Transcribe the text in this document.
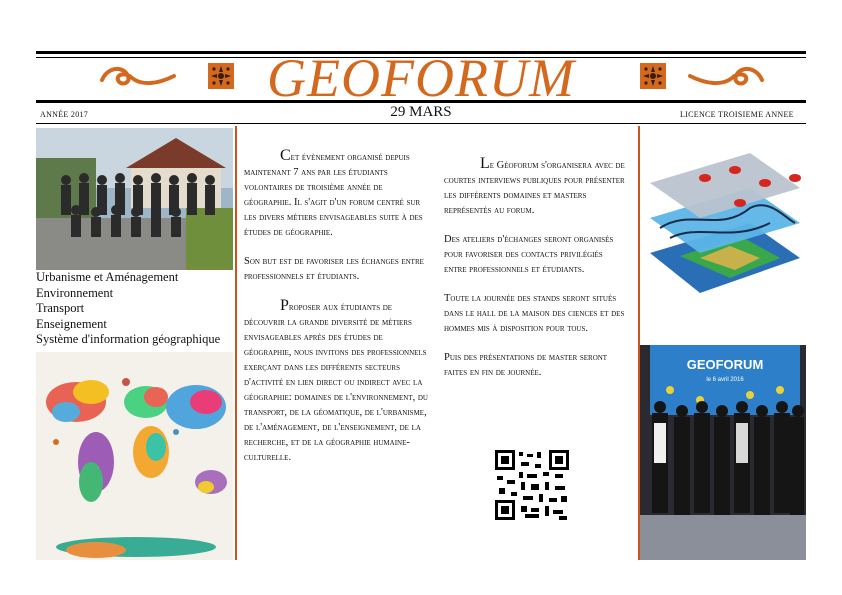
GEOFORUM
29 MARS
ANNÉE 2017	LICENCE TROISIEME ANNEE
Urbanisme et Aménagement
Environnement
Transport
Enseignement
Système d'information géographique

Cet évènement organisé depuis maintenant 7 ans par les étudiants volontaires de troisième année de géographie. Il s'agit d'un forum centré sur les divers métiers envisageables suite à des études de géographie.

Son but est de favoriser les échanges entre professionnels et étudiants.

Proposer aux étudiants de découvrir la grande diversité de métiers envisageables après des études de géographie, nous invitons des professionnels exerçant dans les différents secteurs d'activité en lien direct ou indirect avec la géographie: domaines de l'environnement, du transport, de la géomatique, de l'urbanisme, de l'aménagement, de l'enseignement, de la recherche, et de la géographie humaine-culturelle.

Le Géoforum s'organisera avec de courtes interviews publiques pour présenter les différents domaines et masters représentés au forum.

Des ateliers d'échanges seront organisés pour favoriser des contacts privilégiés entre professionnels et étudiants.

Toute la journée des stands seront situés dans le hall de la maison des ciences et des hommes mis à disposition pour tous.

Puis des présentations de master seront faites en fin de journée.

GEOFORUM
le 6 avril 2016
